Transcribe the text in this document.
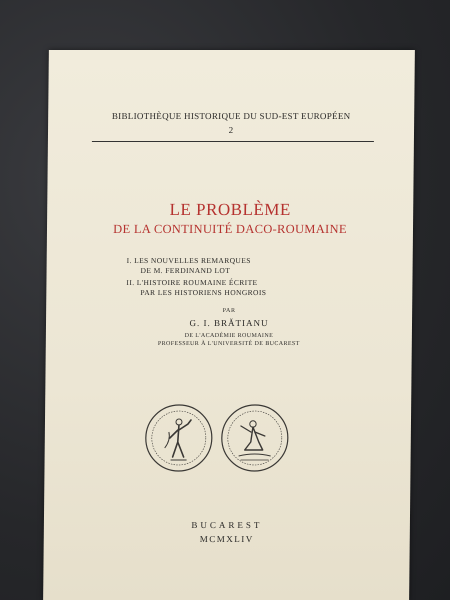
BIBLIOTHÈQUE HISTORIQUE DU SUD-EST EUROPÉEN
2
LE PROBLÈME
DE LA CONTINUITÉ DACO-ROUMAINE
I. LES NOUVELLES REMARQUES
DE M. FERDINAND LOT
II. L'HISTOIRE ROUMAINE ÉCRITE
PAR LES HISTORIENS HONGROIS
PAR
G. I. BRĂTIANU
DE L'ACADÉMIE ROUMAINE
PROFESSEUR À L'UNIVERSITÉ DE BUCAREST
BUCAREST
MCMXLIV
